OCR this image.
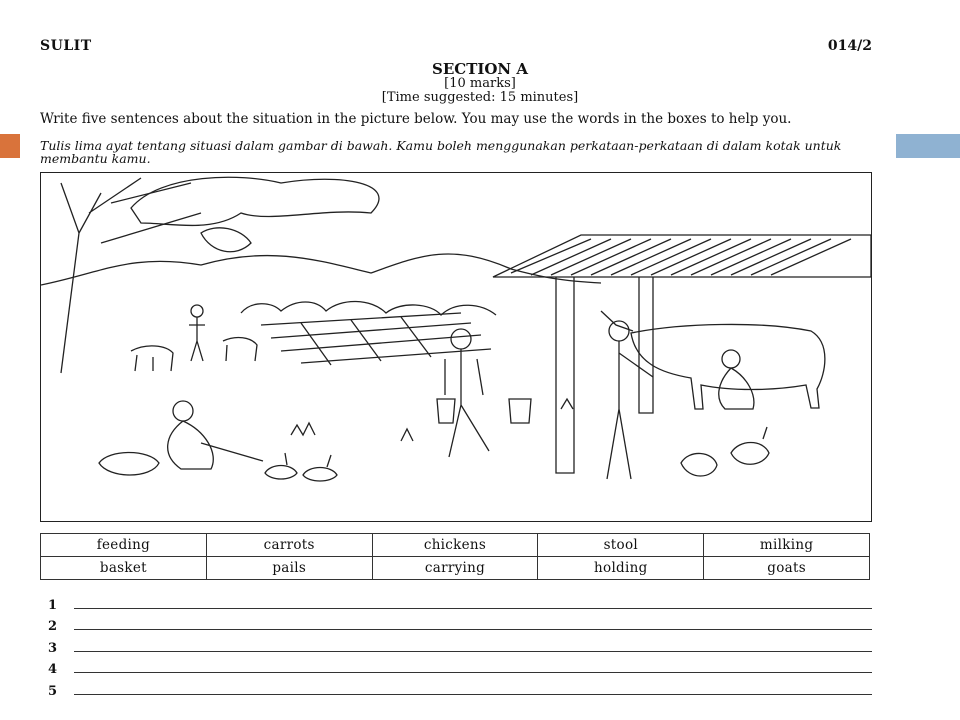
SULIT	014/2
SECTION A
[10 marks]
[Time suggested: 15 minutes]
Write five sentences about the situation in the picture below. You may use the words in the boxes to help you.
Tulis lima ayat tentang situasi dalam gambar di bawah. Kamu boleh menggunakan perkataan-perkataan di dalam kotak untuk membantu kamu.
feeding	carrots	chickens	stool	milking
basket	pails	carrying	holding	goats
1
2
3
4
5
